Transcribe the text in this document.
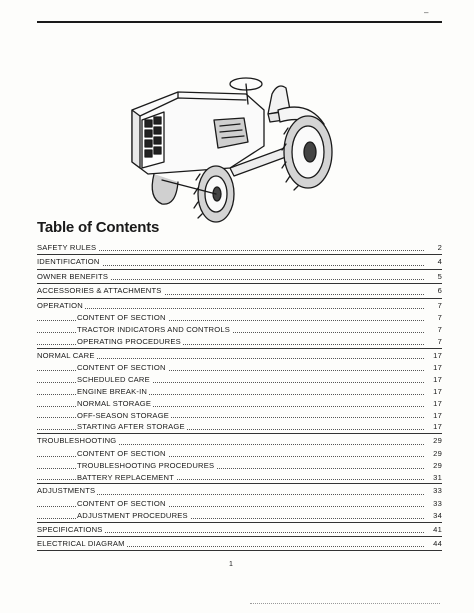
–
Table of Contents
SAFETY RULES	2
IDENTIFICATION	4
OWNER BENEFITS	5
ACCESSORIES & ATTACHMENTS	6
OPERATION	7
CONTENT OF SECTION	7
TRACTOR INDICATORS AND CONTROLS	7
OPERATING PROCEDURES	7
NORMAL CARE	17
CONTENT OF SECTION	17
SCHEDULED CARE	17
ENGINE BREAK-IN	17
NORMAL STORAGE	17
OFF-SEASON STORAGE	17
STARTING AFTER STORAGE	17
TROUBLESHOOTING	29
CONTENT OF SECTION	29
TROUBLESHOOTING PROCEDURES	29
BATTERY REPLACEMENT	31
ADJUSTMENTS	33
CONTENT OF SECTION	33
ADJUSTMENT PROCEDURES	34
SPECIFICATIONS	41
ELECTRICAL DIAGRAM	44
1
